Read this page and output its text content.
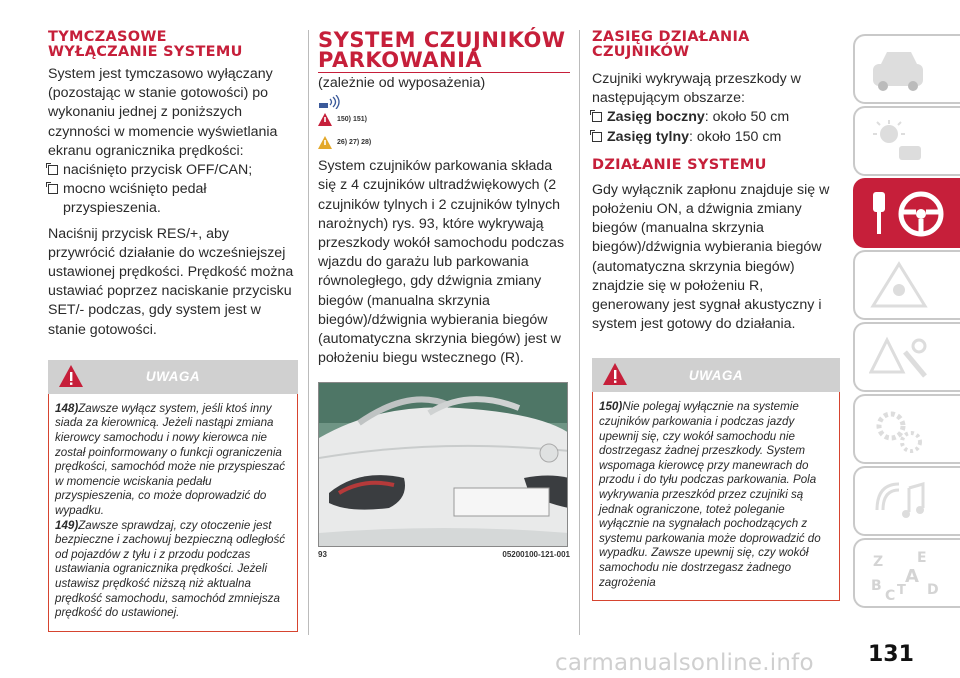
TYMCZASOWE WYŁĄCZANIE SYSTEMU

System jest tymczasowo wyłączany (pozostając w stanie gotowości) po wykonaniu jednej z poniższych czynności w momencie wyświetlania ekranu ogranicznika prędkości:

naciśnięto przycisk OFF/CAN;
mocno wciśnięto pedał przyspieszenia.

Naciśnij przycisk RES/+, aby przywrócić działanie do wcześniejszej ustawionej prędkości. Prędkość można ustawiać poprzez naciskanie przycisku SET/- podczas, gdy system jest w stanie gotowości.

UWAGA

148)Zawsze wyłącz system, jeśli ktoś inny siada za kierownicą. Jeżeli nastąpi zmiana kierowcy samochodu i nowy kierowca nie został poinformowany o funkcji ograniczenia prędkości, samochód może nie przyspieszać w momencie wciskania pedału przyspieszenia, co może doprowadzić do wypadku.

149)Zawsze sprawdzaj, czy otoczenie jest bezpieczne i zachowuj bezpieczną odległość od pojazdów z tyłu i z przodu podczas ustawiania ogranicznika prędkości. Jeżeli ustawisz prędkość niższą niż aktualna prędkość samochodu, samochód zmniejsza prędkość do ustawionej.

SYSTEM CZUJNIKÓW PARKOWANIA

(zależnie od wyposażenia)

150) 151)
26) 27) 28)

System czujników parkowania składa się z 4 czujników ultradźwiękowych (2 czujników tylnych i 2 czujników tylnych narożnych) rys. 93, które wykrywają przeszkody wokół samochodu podczas wjazdu do garażu lub parkowania równoległego, gdy dźwignia zmiany biegów (manualna skrzynia biegów)/dźwignia wybierania biegów (automatyczna skrzynia biegów) jest w położeniu biegu wstecznego (R).

93	05200100-121-001
ZASIĘG DZIAŁANIA CZUJNIKÓW

Czujniki wykrywają przeszkody w następującym obszarze:

Zasięg boczny: około 50 cm
Zasięg tylny: około 150 cm
DZIAŁANIE SYSTEMU

Gdy wyłącznik zapłonu znajduje się w położeniu ON, a dźwignia zmiany biegów (manualna skrzynia biegów)/dźwignia wybierania biegów (automatyczna skrzynia biegów) znajdzie się w położeniu R, generowany jest sygnał akustyczny i system jest gotowy do działania.

UWAGA

150)Nie polegaj wyłącznie na systemie czujników parkowania i podczas jazdy upewnij się, czy wokół samochodu nie dostrzegasz żadnej przeszkody. System wspomaga kierowcę przy manewrach do przodu i do tyłu podczas parkowania. Pola wykrywania przeszkód przez czujniki są jednak ograniczone, toteż poleganie wyłącznie na sygnałach pochodzących z systemu parkowania może doprowadzić do wypadku. Zawsze upewnij się, czy wokół samochodu nie dostrzegasz żadnego zagrożenia

Z E
A
B
C T D
carmanualsonline.info 131
